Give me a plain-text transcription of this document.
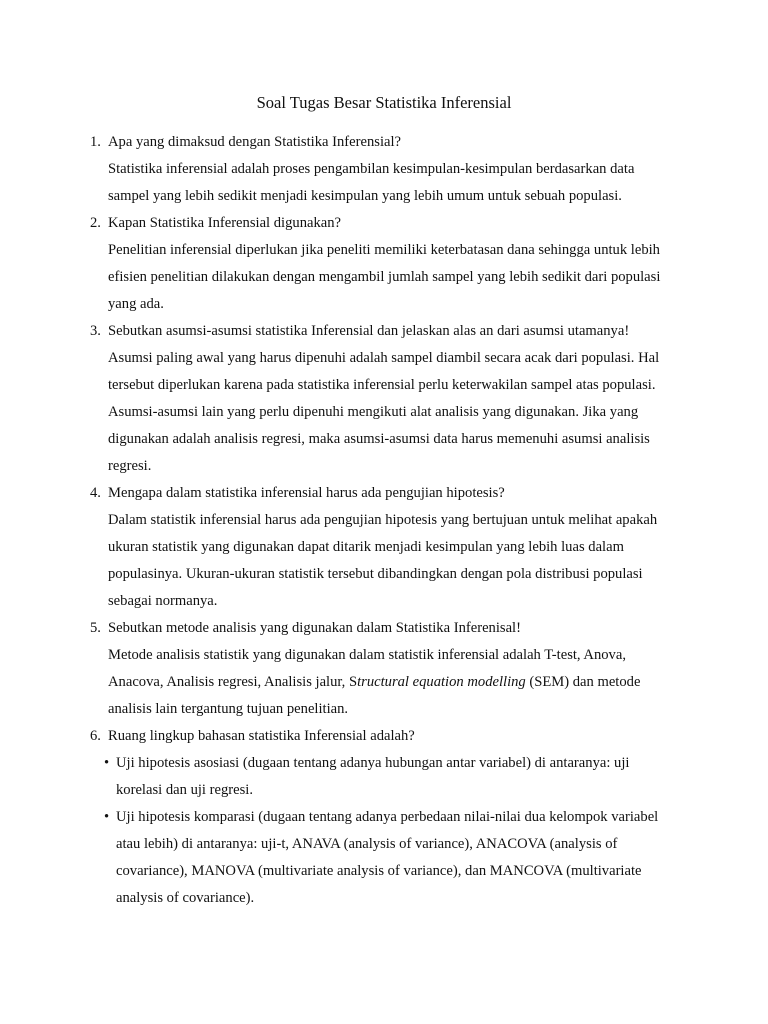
Soal Tugas Besar Statistika Inferensial
1. Apa yang dimaksud dengan Statistika Inferensial?
Statistika inferensial adalah proses pengambilan kesimpulan-kesimpulan berdasarkan data sampel yang lebih sedikit menjadi kesimpulan yang lebih umum untuk sebuah populasi.
2. Kapan Statistika Inferensial digunakan?
Penelitian inferensial diperlukan jika peneliti memiliki keterbatasan dana sehingga untuk lebih efisien penelitian dilakukan dengan mengambil jumlah sampel yang lebih sedikit dari populasi yang ada.
3. Sebutkan asumsi-asumsi statistika Inferensial dan jelaskan alas an dari asumsi utamanya!
Asumsi paling awal yang harus dipenuhi adalah sampel diambil secara acak dari populasi. Hal tersebut diperlukan karena pada statistika inferensial perlu keterwakilan sampel atas populasi. Asumsi-asumsi lain yang perlu dipenuhi mengikuti alat analisis yang digunakan. Jika yang digunakan adalah analisis regresi, maka asumsi-asumsi data harus memenuhi asumsi analisis regresi.
4. Mengapa dalam statistika inferensial harus ada pengujian hipotesis?
Dalam statistik inferensial harus ada pengujian hipotesis yang bertujuan untuk melihat apakah ukuran statistik yang digunakan dapat ditarik menjadi kesimpulan yang lebih luas dalam populasinya. Ukuran-ukuran statistik tersebut dibandingkan dengan pola distribusi populasi sebagai normanya.
5. Sebutkan metode analisis yang digunakan dalam Statistika Inferenisal!
Metode analisis statistik yang digunakan dalam statistik inferensial adalah T-test, Anova, Anacova, Analisis regresi, Analisis jalur, Structural equation modelling (SEM) dan metode analisis lain tergantung tujuan penelitian.
6. Ruang lingkup bahasan statistika Inferensial adalah?
• Uji hipotesis asosiasi (dugaan tentang adanya hubungan antar variabel) di antaranya: uji korelasi dan uji regresi.
• Uji hipotesis komparasi (dugaan tentang adanya perbedaan nilai-nilai dua kelompok variabel atau lebih) di antaranya: uji-t, ANAVA (analysis of variance), ANACOVA (analysis of covariance), MANOVA (multivariate analysis of variance), dan MANCOVA (multivariate analysis of covariance).
